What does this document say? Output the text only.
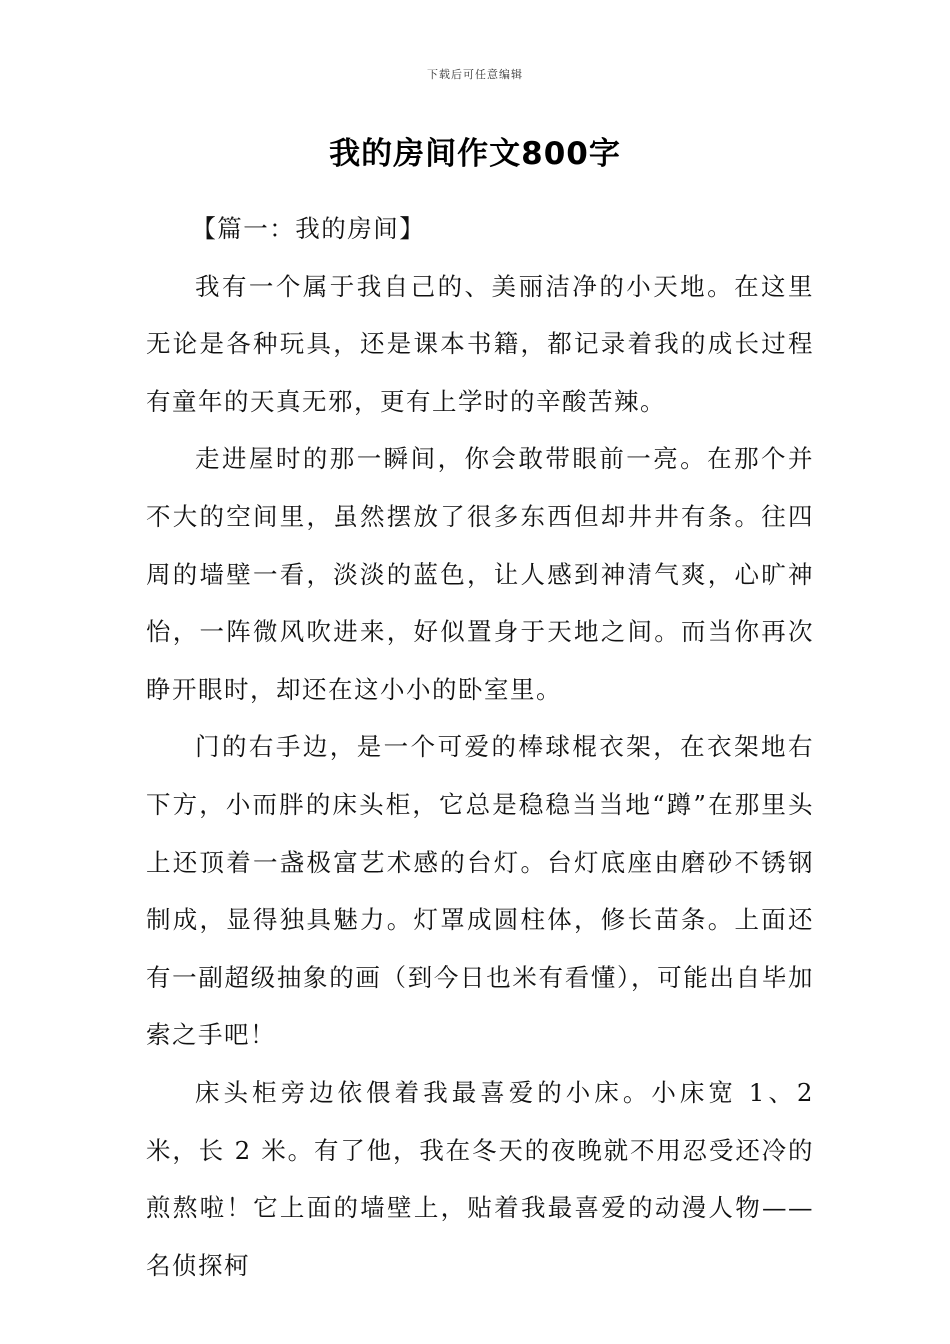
下载后可任意编辑
我的房间作文800字

【篇一：我的房间】

我有一个属于我自己的、美丽洁净的小天地。在这里无论是各种玩具，还是课本书籍，都记录着我的成长过程有童年的天真无邪，更有上学时的辛酸苦辣。

走进屋时的那一瞬间，你会敢带眼前一亮。在那个并不大的空间里，虽然摆放了很多东西但却井井有条。往四周的墙壁一看，淡淡的蓝色，让人感到神清气爽，心旷神怡，一阵微风吹进来，好似置身于天地之间。而当你再次睁开眼时，却还在这小小的卧室里。

门的右手边，是一个可爱的棒球棍衣架，在衣架地右下方，小而胖的床头柜，它总是稳稳当当地“蹲”在那里头上还顶着一盏极富艺术感的台灯。台灯底座由磨砂不锈钢制成，显得独具魅力。灯罩成圆柱体，修长苗条。上面还有一副超级抽象的画（到今日也米有看懂），可能出自毕加索之手吧！

床头柜旁边依偎着我最喜爱的小床。小床宽 1、2 米，长 2 米。有了他，我在冬天的夜晚就不用忍受还冷的煎熬啦！它上面的墙壁上，贴着我最喜爱的动漫人物——名侦探柯
